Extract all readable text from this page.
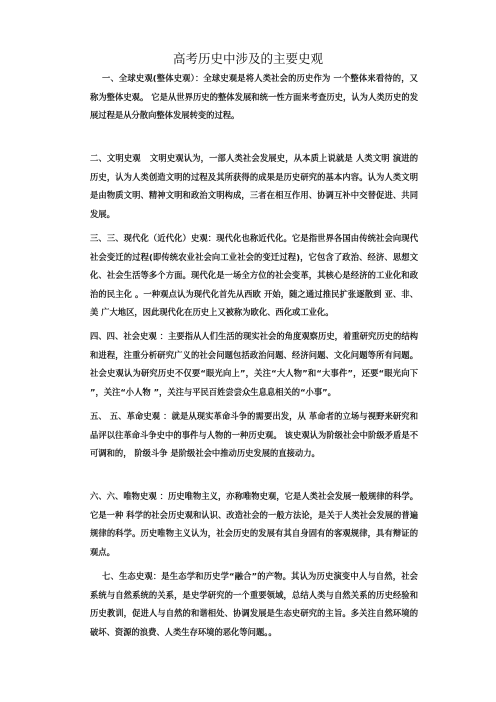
高考历史中涉及的主要史观
一、全球史观(整体史观）：全球史观是将人类社会的历史作为 一个整体来看待的，又称为整体史观。 它是从世界历史的整体发展和统一性方面来考查历史，认为人类历史的发展过程是从分散向整体发展转变的过程。
二、文明史观 文明史观认为，一部人类社会发展史，从本质上说就是 人类文明 演进的历史，认为人类创造文明的过程及其所获得的成果是历史研究的基本内容。认为人类文明是由物质文明、精神文明和政治文明构成，三者在相互作用、协调互补中交替促进、共同发展。
三、三、现代化（近代化）史观：现代化也称近代化。它是指世界各国由传统社会向现代社会变迁的过程(即传统农业社会向工业社会的变迁过程)，它包含了政治、经济、思想文化、社会生活等多个方面。现代化是一场全方位的社会变革，其核心是经济的工业化和政治的民主化 。一种观点认为现代化首先从西欧 开始，随之通过推民扩张逐散到 亚、非、美 广大地区，因此现代化在历史上又被称为欧化、西化或工业化。
四、四、社会史观 ：主要指从人们生活的现实社会的角度观察历史，着重研究历史的结构和进程，注重分析研究广义的社会问题包括政治问题、经济问题、文化问题等所有问题。社会史观认为研究历史不仅要“眼光向上”，关注“大人物”和“大事件”，还要“眼光向下 ”，关注“小人物 ”，关注与平民百姓尝尝众生息息相关的“小事”。
五、 五、革命史观 ：就是从现实革命斗争的需要出发，从 革命者的立场与视野来研究和品评以往革命斗争史中的事件与人物的一种历史观。 该史观认为阶级社会中阶级矛盾是不可调和的， 阶级斗争 是阶级社会中推动历史发展的直接动力。
六、六、唯物史观 ：历史唯物主义，亦称唯物史观，它是人类社会发展一般规律的科学。它是一种 科学的社会历史观和认识、改造社会的一般方法论，是关于人类社会发展的普遍规律的科学。历史唯物主义认为，社会历史的发展有其自身固有的客观规律，具有辩证的观点。
七、生态史观：是生态学和历史学“融合”的产物。其认为历史演变中人与自然，社会系统与自然系统的关系，是史学研究的一个重要领域，总结人类与自然关系的历史经验和历史教训，促进人与自然的和谐相处、协调发展是生态史研究的主旨。多关注自然环境的破坏、资源的浪费、人类生存环境的恶化等问题。。
